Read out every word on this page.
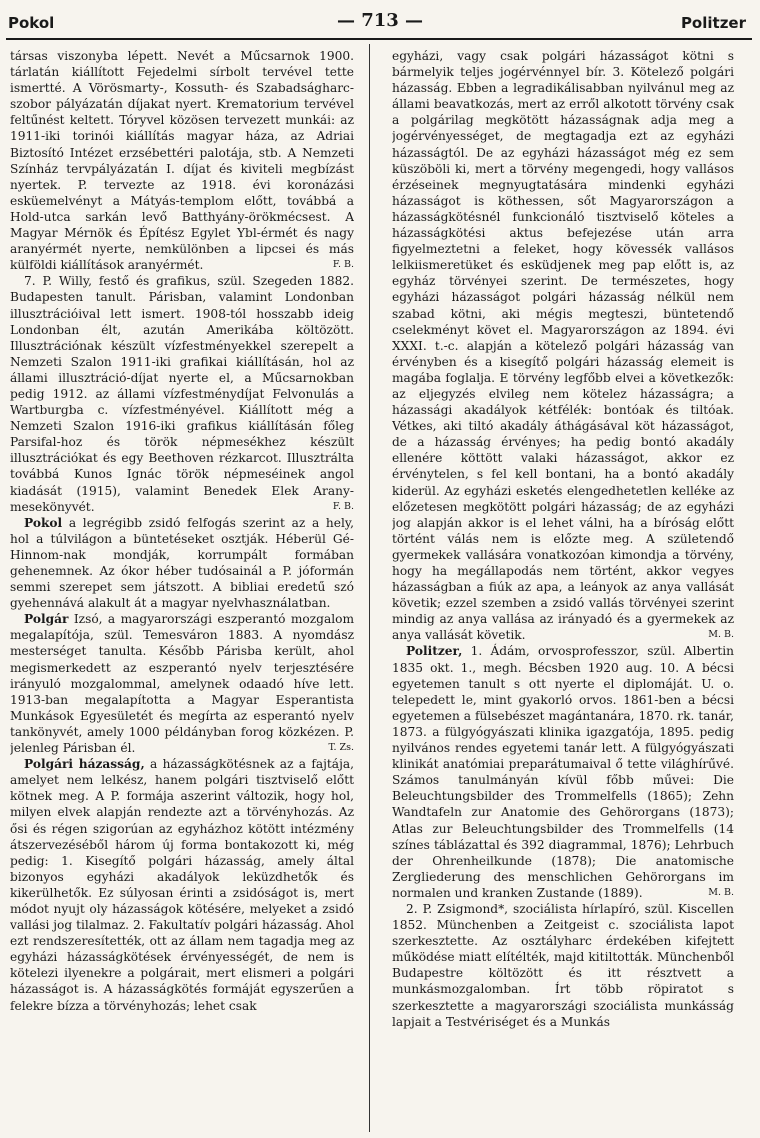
Pokol	— 713 —	Politzer

társas viszonyba lépett. Nevét a Műcsarnok 1900. tárlatán kiállított Fejedelmi sírbolt tervével tette ismertté. A Vörösmarty-, Kossuth- és Szabadságharc-szobor pályázatán díjakat nyert. Krematorium tervével feltűnést keltett. Tóryvel közösen tervezett munkái: az 1911-iki torinói kiállítás magyar háza, az Adriai Biztosító Intézet erzsébettéri palotája, stb. A Nemzeti Színház tervpályázatán I. díjat és kiviteli megbízást nyertek. P. tervezte az 1918. évi koronázási esküemelvényt a Mátyás-templom előtt, továbbá a Hold-utca sarkán levő Batthyány-örökmécsest. A Magyar Mérnök és Építész Egylet Ybl-érmét és nagy aranyérmét nyerte, nemkülönben a lipcsei és más külföldi kiállítások aranyérmét.	F. B.

7. P. Willy, festő és grafikus, szül. Szegeden 1882. Budapesten tanult. Párisban, valamint Londonban illusztrációival lett ismert. 1908-tól hosszabb ideig Londonban élt, azután Amerikába költözött. Illusztrációnak készült vízfestményekkel szerepelt a Nemzeti Szalon 1911-iki grafikai kiállításán, hol az állami illusztráció-díjat nyerte el, a Műcsarnokban pedig 1912. az állami vízfestménydíjat Felvonulás a Wartburgba c. vízfestményével. Kiállított még a Nemzeti Szalon 1916-iki grafikus kiállításán főleg Parsifal-hoz és török népmesékhez készült illusztrációkat és egy Beethoven rézkarcot. Illusztrálta továbbá Kunos Ignác török népmeséinek angol kiadását (1915), valamint Benedek Elek Arany-mesekönyvét.	F. B.

Pokol a legrégibb zsidó felfogás szerint az a hely, hol a túlvilágon a büntetéseket osztják. Héberül Gé-Hinnom-nak mondják, korrumpált formában gehenemnek. Az ókor héber tudósainál a P. jóformán semmi szerepet sem játszott. A bibliai eredetű szó gyehennává alakult át a magyar nyelvhasználatban.

Polgár Izsó, a magyarországi eszperantó mozgalom megalapítója, szül. Temesváron 1883. A nyomdász mesterséget tanulta. Később Párisba került, ahol megismerkedett az eszperantó nyelv terjesztésére irányuló mozgalommal, amelynek odaadó híve lett. 1913-ban megalapította a Magyar Esperantista Munkások Egyesületét és megírta az esperantó nyelv tankönyvét, amely 1000 példányban forog közkézen. P. jelenleg Párisban él.	T. Zs.

Polgári házasság, a házasságkötésnek az a fajtája, amelyet nem lelkész, hanem polgári tisztviselő előtt kötnek meg. A P. formája aszerint változik, hogy hol, milyen elvek alapján rendezte azt a törvényhozás. Az ősi és régen szigorúan az egyházhoz kötött intézmény átszervezéséből három új forma bontakozott ki, még pedig: 1. Kisegítő polgári házasság, amely által bizonyos egyházi akadályok leküzdhetők és kikerülhetők. Ez súlyosan érinti a zsidóságot is, mert módot nyujt oly házasságok kötésére, melyeket a zsidó vallási jog tilalmaz. 2. Fakultatív polgári házasság. Ahol ezt rendszeresítették, ott az állam nem tagadja meg az egyházi házasságkötések érvényességét, de nem is kötelezi ilyenekre a polgárait, mert elismeri a polgári házasságot is. A házasságkötés formáját egyszerűen a felekre bízza a törvényhozás; lehet csak

egyházi, vagy csak polgári házasságot kötni s bármelyik teljes jogérvénnyel bír. 3. Kötelező polgári házasság. Ebben a legradikálisabban nyilvánul meg az állami beavatkozás, mert az erről alkotott törvény csak a polgárilag megkötött házasságnak adja meg a jogérvényességet, de megtagadja ezt az egyházi házasságtól. De az egyházi házasságot még ez sem küszöböli ki, mert a törvény megengedi, hogy vallásos érzéseinek megnyugtatására mindenki egyházi házasságot is köthessen, sőt Magyarországon a házasságkötésnél funkcionáló tisztviselő köteles a házasságkötési aktus befejezése után arra figyelmeztetni a feleket, hogy kövessék vallásos lelkiismeretüket és esküdjenek meg pap előtt is, az egyház törvényei szerint. De természetes, hogy egyházi házasságot polgári házasság nélkül nem szabad kötni, aki mégis megteszi, büntetendő cselekményt követ el. Magyarországon az 1894. évi XXXI. t.-c. alapján a kötelező polgári házasság van érvényben és a kisegítő polgári házasság elemeit is magába foglalja. E törvény legfőbb elvei a következők: az eljegyzés elvileg nem kötelez házasságra; a házassági akadályok kétfélék: bontóak és tiltóak. Vétkes, aki tiltó akadály áthágásával köt házasságot, de a házasság érvényes; ha pedig bontó akadály ellenére köttött valaki házasságot, akkor ez érvénytelen, s fel kell bontani, ha a bontó akadály kiderül. Az egyházi esketés elengedhetetlen kelléke az előzetesen megkötött polgári házasság; de az egyházi jog alapján akkor is el lehet válni, ha a bíróság előtt történt válás nem is előzte meg. A születendő gyermekek vallására vonatkozóan kimondja a törvény, hogy ha megállapodás nem történt, akkor vegyes házasságban a fiúk az apa, a leányok az anya vallását követik; ezzel szemben a zsidó vallás törvényei szerint mindig az anya vallása az irányadó és a gyermekek az anya vallását követik.	M. B.

Politzer, 1. Ádám, orvosprofesszor, szül. Albertin 1835 okt. 1., megh. Bécsben 1920 aug. 10. A bécsi egyetemen tanult s ott nyerte el diplomáját. U. o. telepedett le, mint gyakorló orvos. 1861-ben a bécsi egyetemen a fülsebészet magántanára, 1870. rk. tanár, 1873. a fülgyógyászati klinika igazgatója, 1895. pedig nyilvános rendes egyetemi tanár lett. A fülgyógyászati klinikát anatómiai preparátumaival ő tette világhírűvé. Számos tanulmányán kívül főbb művei: Die Beleuchtungsbilder des Trommelfells (1865); Zehn Wandtafeln zur Anatomie des Gehörorgans (1873); Atlas zur Beleuchtungsbilder des Trommelfells (14 színes táblázattal és 392 diagrammal, 1876); Lehrbuch der Ohrenheilkunde (1878); Die anatomische Zergliederung des menschlichen Gehörorgans im normalen und kranken Zustande (1889).	M. B.

2. P. Zsigmond*, szociálista hírlapíró, szül. Kiscellen 1852. Münchenben a Zeitgeist c. szociálista lapot szerkesztette. Az osztályharc érdekében kifejtett működése miatt elítélték, majd kitiltották. Münchenből Budapestre költözött és itt résztvett a munkásmozgalomban. Írt több röpiratot s szerkesztette a magyarországi szociálista munkásság lapjait a Testvériséget és a Munkás
